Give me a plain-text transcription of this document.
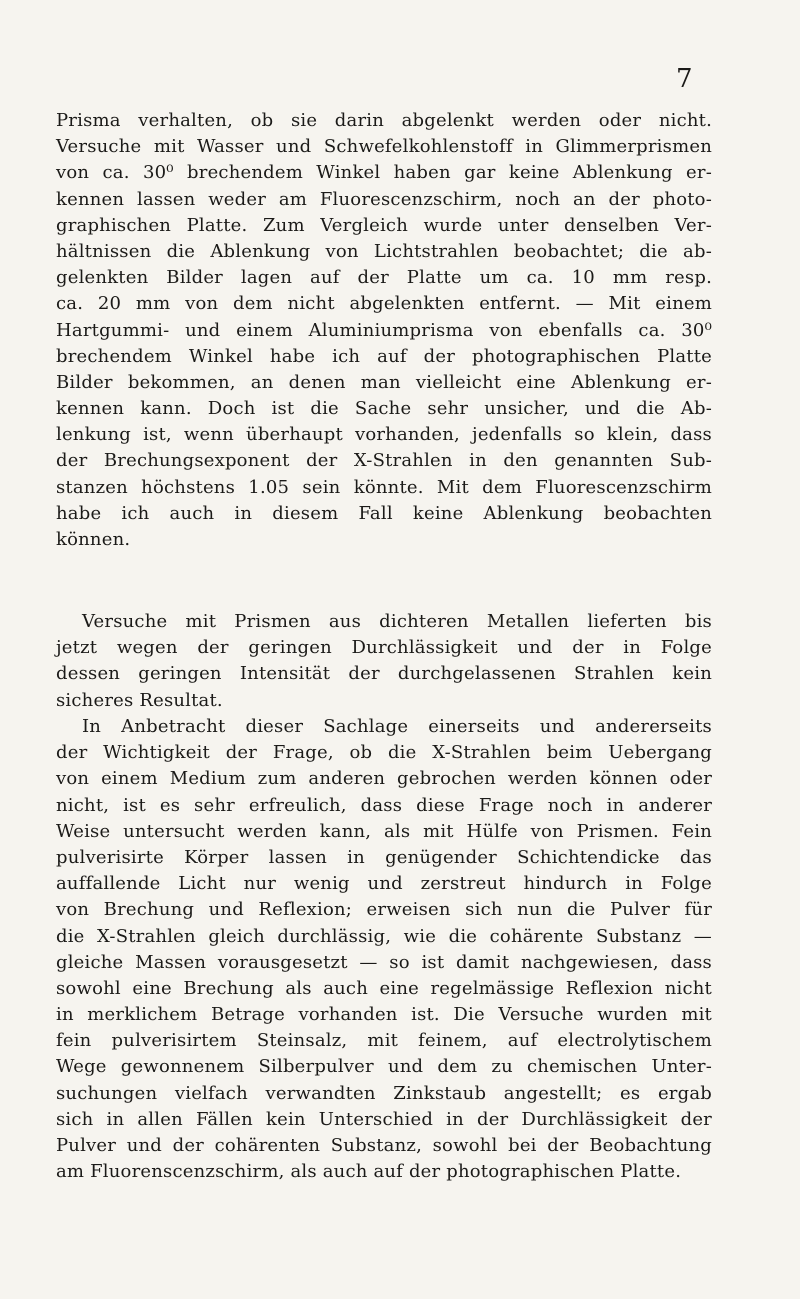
7
Prisma verhalten, ob sie darin abgelenkt werden oder nicht.
Versuche mit Wasser und Schwefelkohlenstoff in Glimmerprismen
von ca. 30⁰ brechendem Winkel haben gar keine Ablenkung er-
kennen lassen weder am Fluorescenzschirm, noch an der photo-
graphischen Platte. Zum Vergleich wurde unter denselben Ver-
hältnissen die Ablenkung von Lichtstrahlen beobachtet; die ab-
gelenkten Bilder lagen auf der Platte um ca. 10 mm resp.
ca. 20 mm von dem nicht abgelenkten entfernt. — Mit einem
Hartgummi- und einem Aluminiumprisma von ebenfalls ca. 30⁰
brechendem Winkel habe ich auf der photographischen Platte
Bilder bekommen, an denen man vielleicht eine Ablenkung er-
kennen kann. Doch ist die Sache sehr unsicher, und die Ab-
lenkung ist, wenn überhaupt vorhanden, jedenfalls so klein, dass
der Brechungsexponent der X-Strahlen in den genannten Sub-
stanzen höchstens 1.05 sein könnte. Mit dem Fluorescenzschirm
habe ich auch in diesem Fall keine Ablenkung beobachten
können.
Versuche mit Prismen aus dichteren Metallen lieferten bis
jetzt wegen der geringen Durchlässigkeit und der in Folge
dessen geringen Intensität der durchgelassenen Strahlen kein
sicheres Resultat.
In Anbetracht dieser Sachlage einerseits und andererseits
der Wichtigkeit der Frage, ob die X-Strahlen beim Uebergang
von einem Medium zum anderen gebrochen werden können oder
nicht, ist es sehr erfreulich, dass diese Frage noch in anderer
Weise untersucht werden kann, als mit Hülfe von Prismen. Fein
pulverisirte Körper lassen in genügender Schichtendicke das
auffallende Licht nur wenig und zerstreut hindurch in Folge
von Brechung und Reflexion; erweisen sich nun die Pulver für
die X-Strahlen gleich durchlässig, wie die cohärente Substanz —
gleiche Massen vorausgesetzt — so ist damit nachgewiesen, dass
sowohl eine Brechung als auch eine regelmässige Reflexion nicht
in merklichem Betrage vorhanden ist. Die Versuche wurden mit
fein pulverisirtem Steinsalz, mit feinem, auf electrolytischem
Wege gewonnenem Silberpulver und dem zu chemischen Unter-
suchungen vielfach verwandten Zinkstaub angestellt; es ergab
sich in allen Fällen kein Unterschied in der Durchlässigkeit der
Pulver und der cohärenten Substanz, sowohl bei der Beobachtung
am Fluorenscenzschirm, als auch auf der photographischen Platte.
